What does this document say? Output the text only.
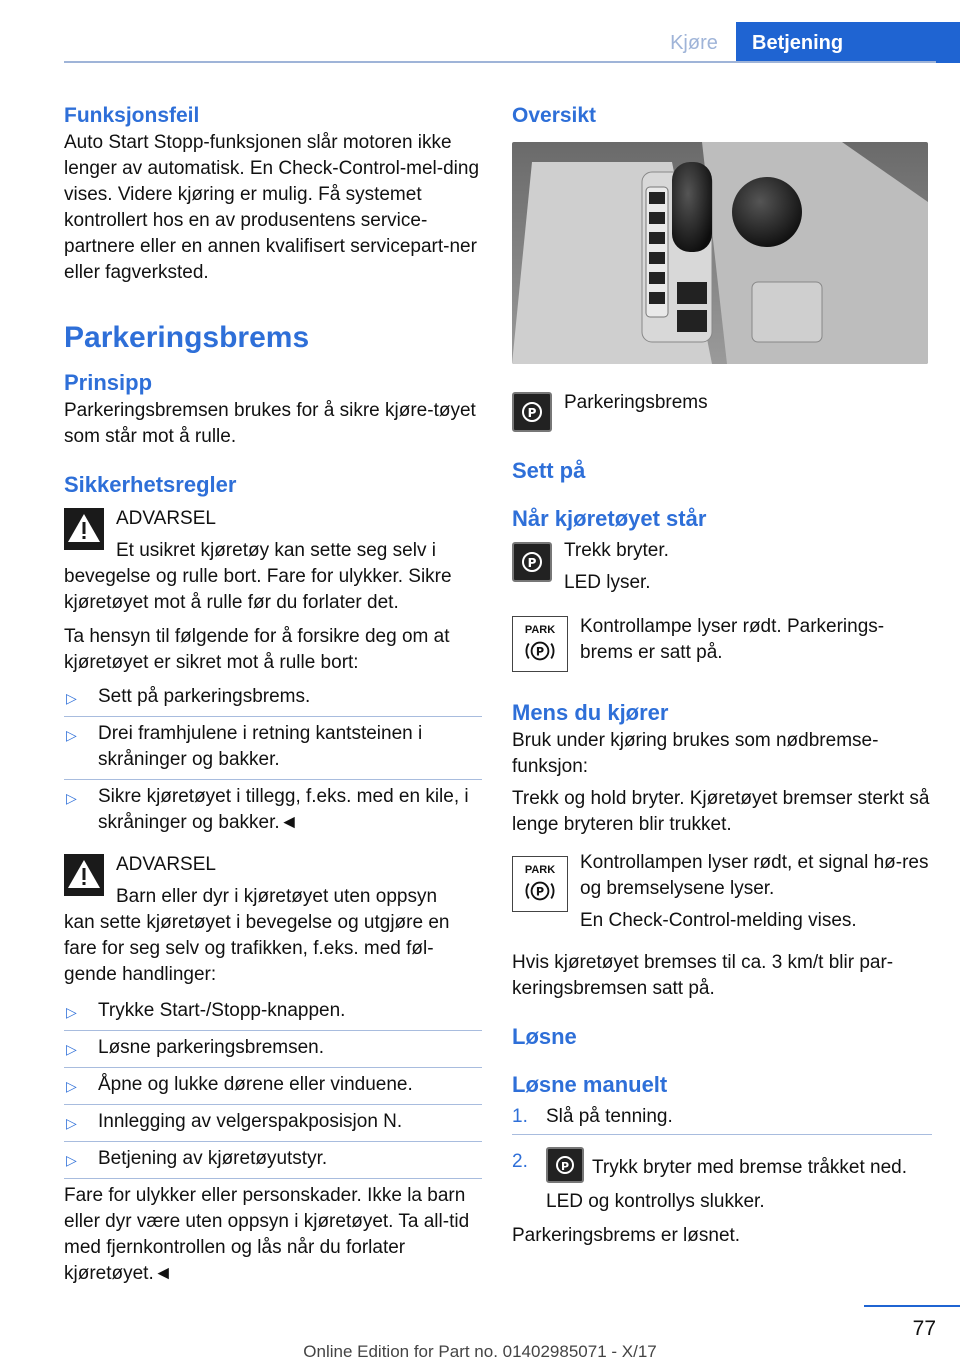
Kjøre	Betjening
Funksjonsfeil

Auto Start Stopp-funksjonen slår motoren ikke lenger av automatisk. En Check-Control-mel-ding vises. Videre kjøring er mulig. Få systemet kontrollert hos en av produsentens service-partnere eller en annen kvalifisert servicepart-ner eller fagverksted.

Parkeringsbrems
Prinsipp

Parkeringsbremsen brukes for å sikre kjøre-tøyet som står mot å rulle.

Sikkerhetsregler

ADVARSEL

Et usikret kjøretøy kan sette seg selv i

bevegelse og rulle bort. Fare for ulykker. Sikre kjøretøyet mot å rulle før du forlater det.

Ta hensyn til følgende for å forsikre deg om at kjøretøyet er sikret mot å rulle bort:

▷ Sett på parkeringsbrems.
▷ Drei framhjulene i retning kantsteinen i skråninger og bakker.
▷ Sikre kjøretøyet i tillegg, f.eks. med en kile, i skråninger og bakker.◄

ADVARSEL

Barn eller dyr i kjøretøyet uten oppsyn

kan sette kjøretøyet i bevegelse og utgjøre en fare for seg selv og trafikken, f.eks. med føl-gende handlinger:

▷ Trykke Start-/Stopp-knappen.
▷ Løsne parkeringsbremsen.
▷ Åpne og lukke dørene eller vinduene.
▷ Innlegging av velgerspakposisjon N.
▷ Betjening av kjøretøyutstyr.

Fare for ulykker eller personskader. Ikke la barn eller dyr være uten oppsyn i kjøretøyet. Ta all-tid med fjernkontrollen og lås når du forlater kjøretøyet.◄

Oversikt
P	Parkeringsbrems

Sett på
Når kjøretøyet står
P

Trekk bryter.

LED lyser.

PARK
P

Kontrollampe lyser rødt. Parkerings-brems er satt på.

Mens du kjører

Bruk under kjøring brukes som nødbremse-funksjon:

Trekk og hold bryter. Kjøretøyet bremser sterkt så lenge bryteren blir trukket.

PARK
P

Kontrollampen lyser rødt, et signal hø-res og bremselysene lyser.

En Check-Control-melding vises.

Hvis kjøretøyet bremses til ca. 3 km/t blir par-keringsbremsen satt på.

Løsne
Løsne manuelt
1. Slå på tenning.
2.	P Trykk bryter med bremse tråkket ned.
LED og kontrollys slukker.

Parkeringsbrems er løsnet.

77
Online Edition for Part no. 01402985071 - X/17
